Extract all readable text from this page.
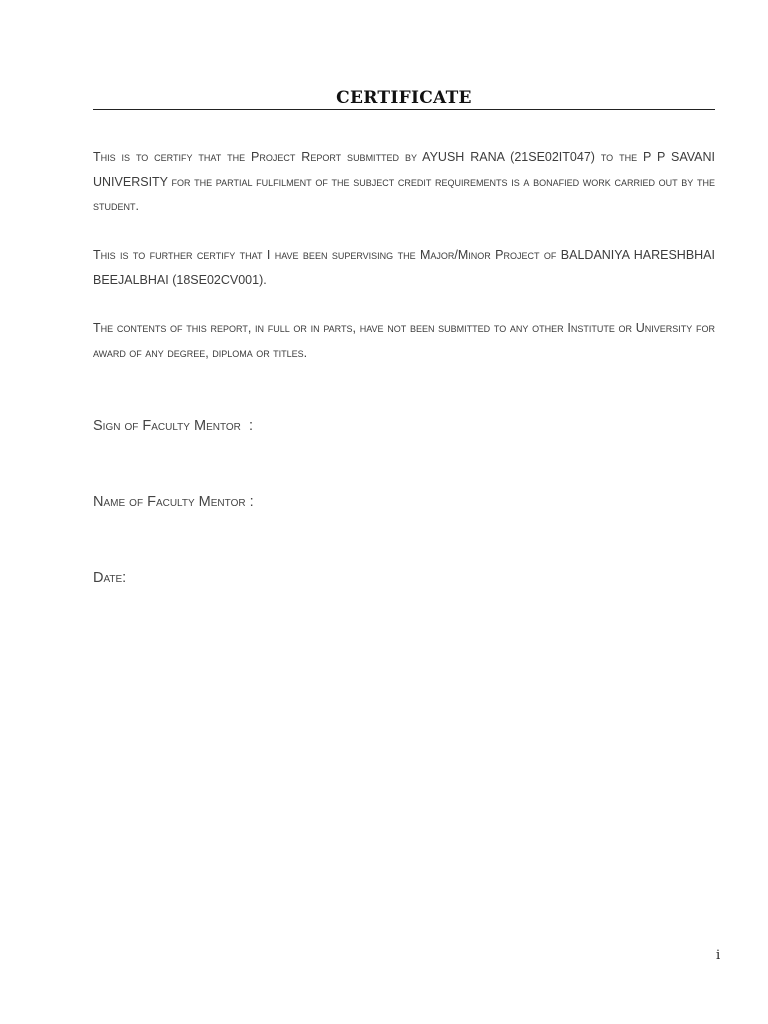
CERTIFICATE
This is to certify that the Project Report submitted by AYUSH RANA (21SE02IT047) to the P P SAVANI UNIVERSITY for the partial fulfilment of the subject credit requirements is a bonafied work carried out by the student.
This is to further certify that I have been supervising the Major/Minor Project of BALDANIYA HARESHBHAI BEEJALBHAI (18SE02CV001).
The contents of this report, in full or in parts, have not been submitted to any other Institute or University for award of any degree, diploma or titles.
Sign of Faculty Mentor  :
Name of Faculty Mentor :
Date:
i
